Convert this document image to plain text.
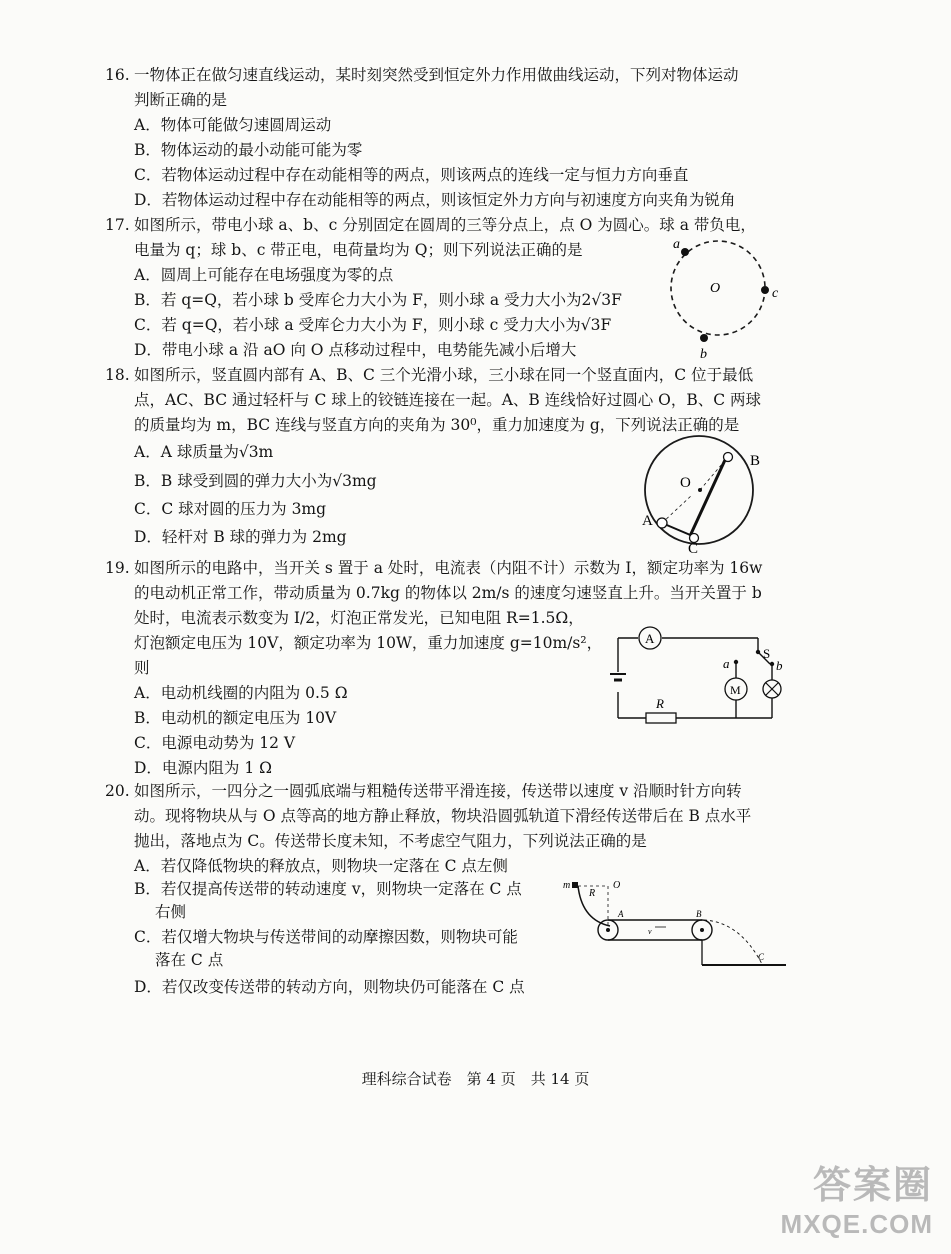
16. 一物体正在做匀速直线运动，某时刻突然受到恒定外力作用做曲线运动，下列对物体运动
判断正确的是
A．物体可能做匀速圆周运动
B．物体运动的最小动能可能为零
C．若物体运动过程中存在动能相等的两点，则该两点的连线一定与恒力方向垂直
D．若物体运动过程中存在动能相等的两点，则该恒定外力方向与初速度方向夹角为锐角
17. 如图所示，带电小球 a、b、c 分别固定在圆周的三等分点上，点 O 为圆心。球 a 带负电，
电量为 q；球 b、c 带正电，电荷量均为 Q；则下列说法正确的是
A．圆周上可能存在电场强度为零的点
B．若 q=Q，若小球 b 受库仑力大小为 F，则小球 a 受力大小为2√3F
C．若 q=Q，若小球 a 受库仑力大小为 F，则小球 c 受力大小为√3F
D．带电小球 a 沿 aO 向 O 点移动过程中，电势能先减小后增大
a
c
b
O
18. 如图所示，竖直圆内部有 A、B、C 三个光滑小球，三小球在同一个竖直面内，C 位于最低
点，AC、BC 通过轻杆与 C 球上的铰链连接在一起。A、B 连线恰好过圆心 O，B、C 两球
的质量均为 m，BC 连线与竖直方向的夹角为 30⁰，重力加速度为 g，下列说法正确的是
A．A 球质量为√3m
B．B 球受到圆的弹力大小为√3mg
C．C 球对圆的压力为 3mg
D．轻杆对 B 球的弹力为 2mg
B
O
A
C
19. 如图所示的电路中，当开关 s 置于 a 处时，电流表（内阻不计）示数为 I，额定功率为 16w
的电动机正常工作，带动质量为 0.7kg 的物体以 2m/s 的速度匀速竖直上升。当开关置于 b
处时，电流表示数变为 I/2，灯泡正常发光，已知电阻 R=1.5Ω，
灯泡额定电压为 10V，额定功率为 10W，重力加速度 g=10m/s²，
则
A．电动机线圈的内阻为 0.5 Ω
B．电动机的额定电压为 10V
C．电源电动势为 12 V
D．电源内阻为 1 Ω
A
S
a	b
M
R
20. 如图所示，一四分之一圆弧底端与粗糙传送带平滑连接，传送带以速度 v 沿顺时针方向转
动。现将物块从与 O 点等高的地方静止释放，物块沿圆弧轨道下滑经传送带后在 B 点水平
抛出，落地点为 C。传送带长度未知，不考虑空气阻力，下列说法正确的是
A．若仅降低物块的释放点，则物块一定落在 C 点左侧
B．若仅提高传送带的转动速度 v，则物块一定落在 C 点
右侧
C．若仅增大物块与传送带间的动摩擦因数，则物块可能
落在 C 点
D．若仅改变传送带的转动方向，则物块仍可能落在 C 点
m
R
O
A	B
v
C
理科综合试卷　第 4 页　共 14 页
答案圈
MXQE.COM
